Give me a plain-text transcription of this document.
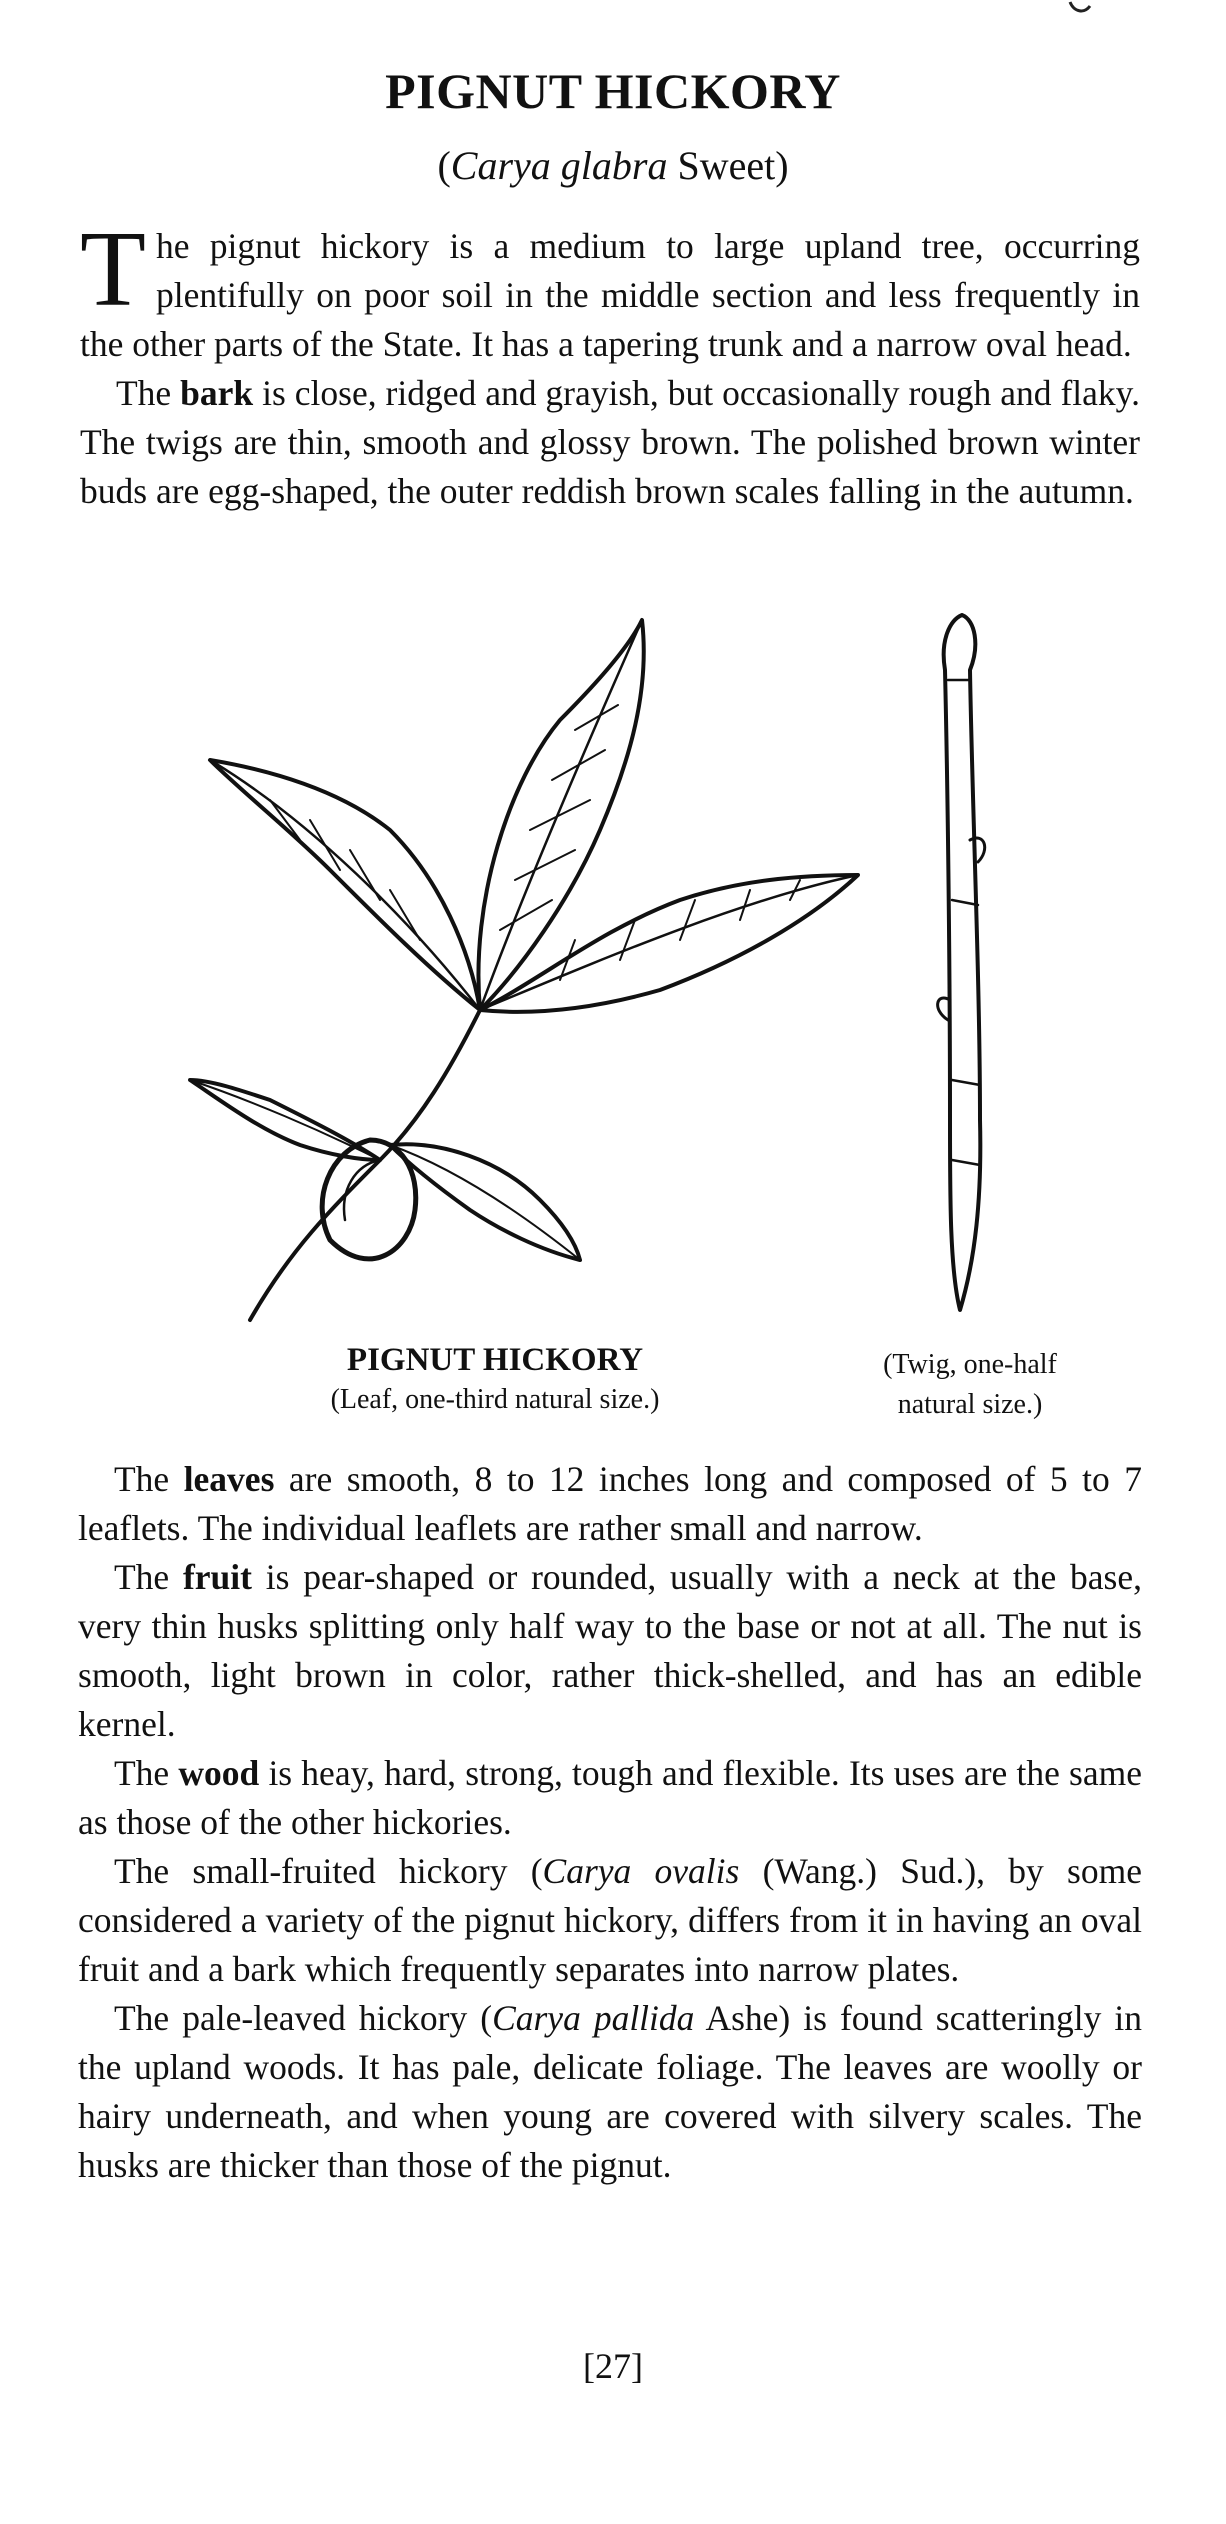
PIGNUT HICKORY
(Carya glabra Sweet)

The pignut hickory is a medium to large upland tree, occurring plentifully on poor soil in the middle section and less frequently in the other parts of the State. It has a tapering trunk and a narrow oval head.

The bark is close, ridged and grayish, but occasionally rough and flaky. The twigs are thin, smooth and glossy brown. The polished brown winter buds are egg-shaped, the outer reddish brown scales falling in the autumn.

PIGNUT HICKORY
(Leaf, one-third natural size.)
(Twig, one-half
natural size.)

The leaves are smooth, 8 to 12 inches long and composed of 5 to 7 leaflets. The individual leaflets are rather small and narrow.

The fruit is pear-shaped or rounded, usually with a neck at the base, very thin husks splitting only half way to the base or not at all. The nut is smooth, light brown in color, rather thick-shelled, and has an edible kernel.

The wood is heay, hard, strong, tough and flexible. Its uses are the same as those of the other hickories.

The small-fruited hickory (Carya ovalis (Wang.) Sud.), by some considered a variety of the pignut hickory, differs from it in having an oval fruit and a bark which frequently separates into narrow plates.

The pale-leaved hickory (Carya pallida Ashe) is found scatteringly in the upland woods. It has pale, delicate foliage. The leaves are woolly or hairy underneath, and when young are covered with silvery scales. The husks are thicker than those of the pignut.

[27]
